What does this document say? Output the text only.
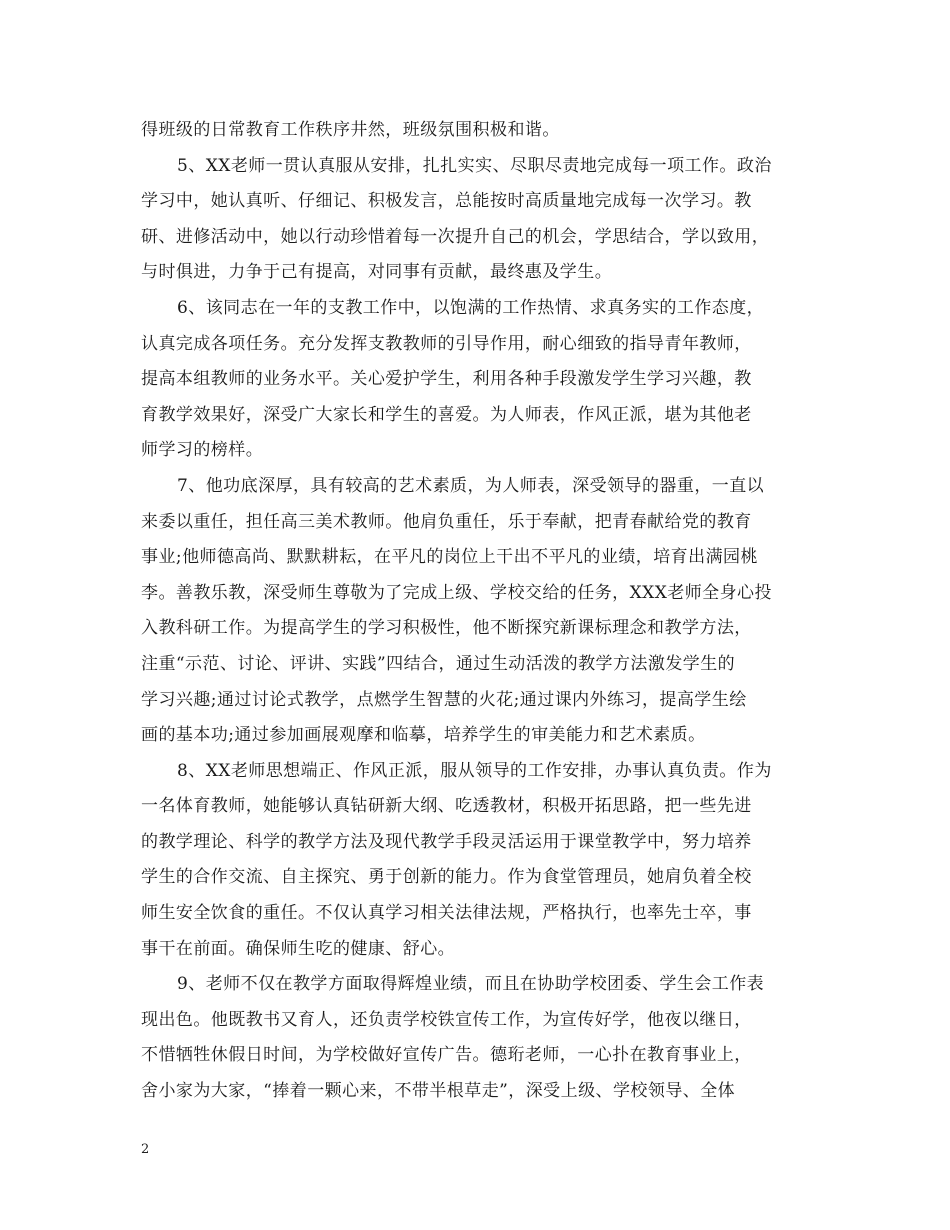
得班级的日常教育工作秩序井然，班级氛围积极和谐。

5、XX老师一贯认真服从安排，扎扎实实、尽职尽责地完成每一项工作。政治
学习中，她认真听、仔细记、积极发言，总能按时高质量地完成每一次学习。教
研、进修活动中，她以行动珍惜着每一次提升自己的机会，学思结合，学以致用，
与时俱进，力争于己有提高，对同事有贡献，最终惠及学生。

6、该同志在一年的支教工作中，以饱满的工作热情、求真务实的工作态度，
认真完成各项任务。充分发挥支教教师的引导作用，耐心细致的指导青年教师，
提高本组教师的业务水平。关心爱护学生，利用各种手段激发学生学习兴趣，教
育教学效果好，深受广大家长和学生的喜爱。为人师表，作风正派，堪为其他老
师学习的榜样。

7、他功底深厚，具有较高的艺术素质，为人师表，深受领导的器重，一直以
来委以重任，担任高三美术教师。他肩负重任，乐于奉献，把青春献给党的教育
事业;他师德高尚、默默耕耘，在平凡的岗位上干出不平凡的业绩，培育出满园桃
李。善教乐教，深受师生尊敬为了完成上级、学校交给的任务，XXX老师全身心投
入教科研工作。为提高学生的学习积极性，他不断探究新课标理念和教学方法，
注重“示范、讨论、评讲、实践”四结合，通过生动活泼的教学方法激发学生的
学习兴趣;通过讨论式教学，点燃学生智慧的火花;通过课内外练习，提高学生绘
画的基本功;通过参加画展观摩和临摹，培养学生的审美能力和艺术素质。

8、XX老师思想端正、作风正派，服从领导的工作安排，办事认真负责。作为
一名体育教师，她能够认真钻研新大纲、吃透教材，积极开拓思路，把一些先进
的教学理论、科学的教学方法及现代教学手段灵活运用于课堂教学中，努力培养
学生的合作交流、自主探究、勇于创新的能力。作为食堂管理员，她肩负着全校
师生安全饮食的重任。不仅认真学习相关法律法规，严格执行，也率先士卒，事
事干在前面。确保师生吃的健康、舒心。

9、老师不仅在教学方面取得辉煌业绩，而且在协助学校团委、学生会工作表
现出色。他既教书又育人，还负责学校铁宣传工作，为宣传好学，他夜以继日，
不惜牺牲休假日时间，为学校做好宣传广告。德珩老师，一心扑在教育事业上，
舍小家为大家，“捧着一颗心来，不带半根草走”，深受上级、学校领导、全体

2
